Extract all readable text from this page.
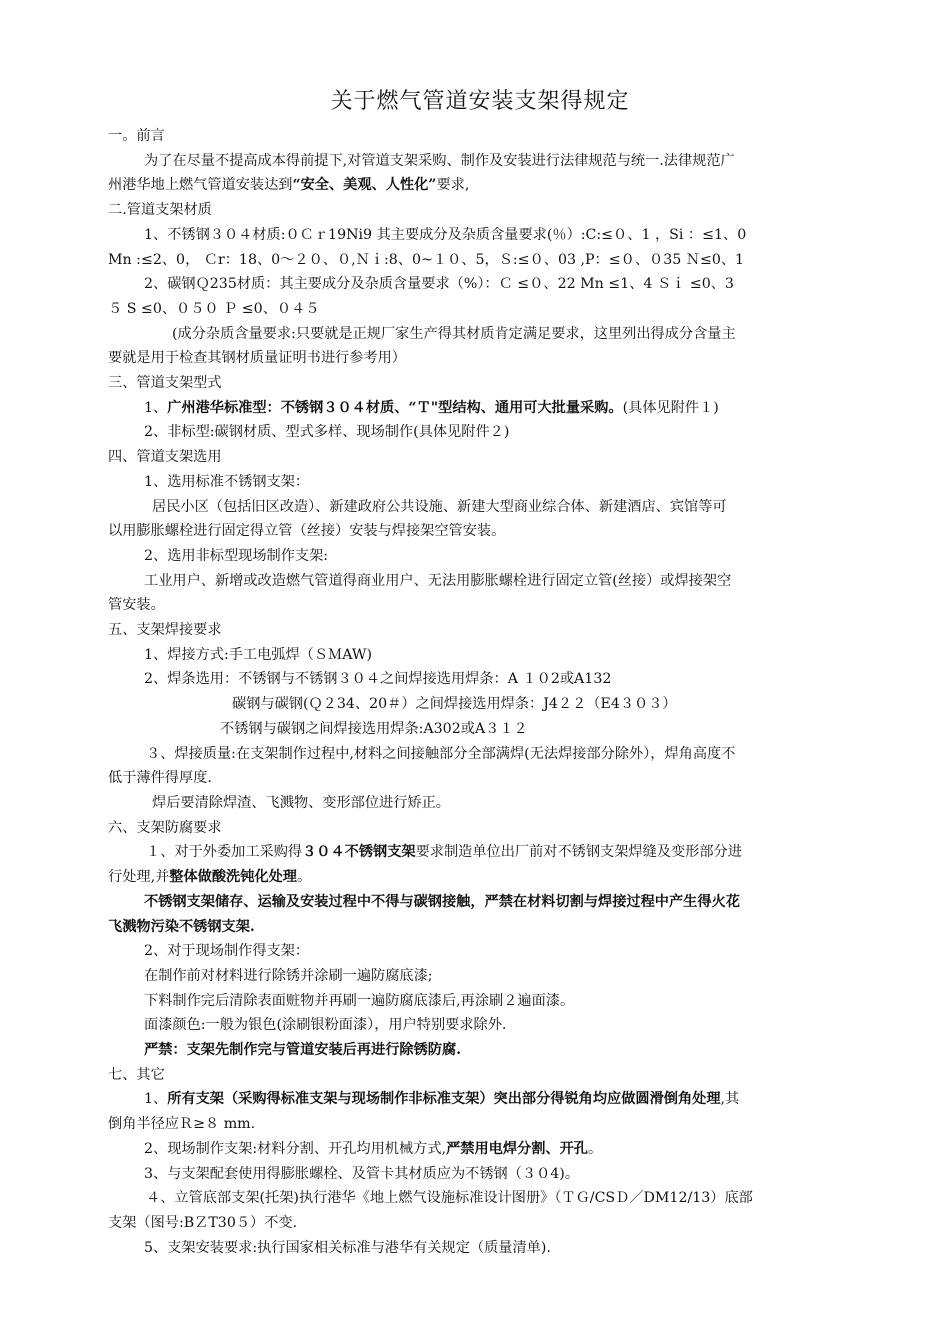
关于燃气管道安装支架得规定

一。前言

为了在尽量不提高成本得前提下,对管道支架采购、制作及安装进行法律规范与统一.法律规范广

州港华地上燃气管道安装达到“安全、美观、人性化”要求,

二.管道支架材质

1、不锈钢３０４材质:０Ｃｒ19Ni9 其主要成分及杂质含量要求(％）:C:≤０、1 ，Si ：≤1、0

Mn :≤2、0， Ｃr：18、0～２０、０,Ｎｉ:8、0~１０、5，Ｓ:≤０、03 ,P：≤０、０35 Ｎ≤0、1

2、碳钢Ｑ235材质：其主要成分及杂质含量要求（%）：Ｃ ≤０、22 Mn ≤1、4 Ｓｉ ≤0、3

５ S ≤0、０５０ Ｐ ≤0、０４５

(成分杂质含量要求:只要就是正规厂家生产得其材质肯定满足要求，这里列出得成分含量主

要就是用于检查其钢材质量证明书进行参考用）

三、管道支架型式

1、广州港华标准型：不锈钢３０４材质、“Ｔ"型结构、通用可大批量采购。(具体见附件１)

2、非标型:碳钢材质、型式多样、现场制作(具体见附件２)

四、管道支架选用

1、选用标准不锈钢支架：

居民小区（包括旧区改造）、新建政府公共设施、新建大型商业综合体、新建酒店、宾馆等可

以用膨胀螺栓进行固定得立管（丝接）安装与焊接架空管安装。

2、选用非标型现场制作支架:

工业用户、新增或改造燃气管道得商业用户、无法用膨胀螺栓进行固定立管(丝接）或焊接架空

管安装。

五、支架焊接要求

1、焊接方式:手工电弧焊（ＳＭAW)

2、焊条选用：不锈钢与不锈钢３０４之间焊接选用焊条：A １０2或A132

碳钢与碳钢(Ｑ２34、20＃）之间焊接选用焊条：J4２２（E4３０３）

不锈钢与碳钢之间焊接选用焊条:A302或A３１２

３、焊接质量:在支架制作过程中,材料之间接触部分全部满焊(无法焊接部分除外），焊角高度不

低于薄件得厚度.

焊后要清除焊渣、飞溅物、变形部位进行矫正。

六、支架防腐要求

１、对于外委加工采购得３０４不锈钢支架要求制造单位出厂前对不锈钢支架焊缝及变形部分进

行处理,并整体做酸洗钝化处理。

不锈钢支架储存、运输及安装过程中不得与碳钢接触，严禁在材料切割与焊接过程中产生得火花

飞溅物污染不锈钢支架.

2、对于现场制作得支架：

在制作前对材料进行除锈并涂刷一遍防腐底漆;

下料制作完后清除表面赃物并再刷一遍防腐底漆后,再涂刷２遍面漆。

面漆颜色:一般为银色(涂刷银粉面漆），用户特别要求除外.

严禁：支架先制作完与管道安装后再进行除锈防腐.

七、其它

1、所有支架（采购得标准支架与现场制作非标准支架）突出部分得锐角均应做圆滑倒角处理,其

倒角半径应Ｒ≥８ mm.

2、现场制作支架:材料分割、开孔均用机械方式,严禁用电焊分割、开孔。

3、与支架配套使用得膨胀螺栓、及管卡其材质应为不锈钢（３０4)。

４、立管底部支架(托架)执行港华《地上燃气设施标准设计图册》（ＴＧ/CSＤ／DM12/13）底部

支架（图号:BＺT30５）不变.

5、支架安装要求:执行国家相关标准与港华有关规定（质量清单).
